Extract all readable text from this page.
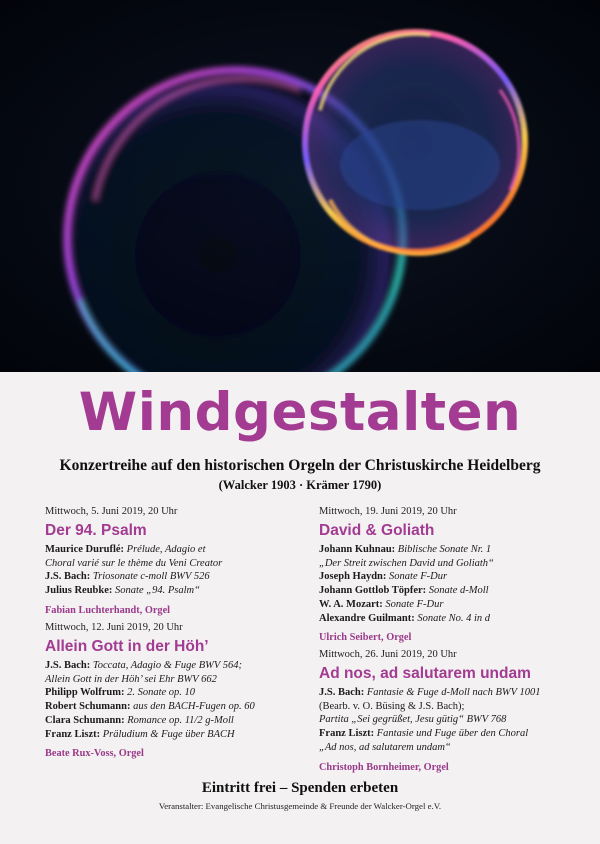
Windgestalten
Konzertreihe auf den historischen Orgeln der Christuskirche Heidelberg
(Walcker 1903 · Krämer 1790)
Mittwoch, 5. Juni 2019, 20 Uhr
Der 94. Psalm
Maurice Duruflé: Prélude, Adagio et
Choral varié sur le thème du Veni Creator
J.S. Bach: Triosonate c-moll BWV 526
Julius Reubke: Sonate „94. Psalm“
Fabian Luchterhandt, Orgel
Mittwoch, 12. Juni 2019, 20 Uhr
Allein Gott in der Höh’
J.S. Bach: Toccata, Adagio & Fuge BWV 564;
Allein Gott in der Höh’ sei Ehr BWV 662
Philipp Wolfrum: 2. Sonate op. 10
Robert Schumann: aus den BACH-Fugen op. 60
Clara Schumann: Romance op. 11/2 g-Moll
Franz Liszt: Präludium & Fuge über BACH
Beate Rux-Voss, Orgel
Mittwoch, 19. Juni 2019, 20 Uhr
David & Goliath
Johann Kuhnau: Biblische Sonate Nr. 1
„Der Streit zwischen David und Goliath“
Joseph Haydn: Sonate F-Dur
Johann Gottlob Töpfer: Sonate d-Moll
W. A. Mozart: Sonate F-Dur
Alexandre Guilmant: Sonate No. 4 in d
Ulrich Seibert, Orgel
Mittwoch, 26. Juni 2019, 20 Uhr
Ad nos, ad salutarem undam
J.S. Bach: Fantasie & Fuge d-Moll nach BWV 1001
(Bearb. v. O. Büsing & J.S. Bach);
Partita „Sei gegrüßet, Jesu gütig“ BWV 768
Franz Liszt: Fantasie und Fuge über den Choral
„Ad nos, ad salutarem undam“
Christoph Bornheimer, Orgel
Eintritt frei – Spenden erbeten
Veranstalter: Evangelische Christusgemeinde & Freunde der Walcker-Orgel e.V.
